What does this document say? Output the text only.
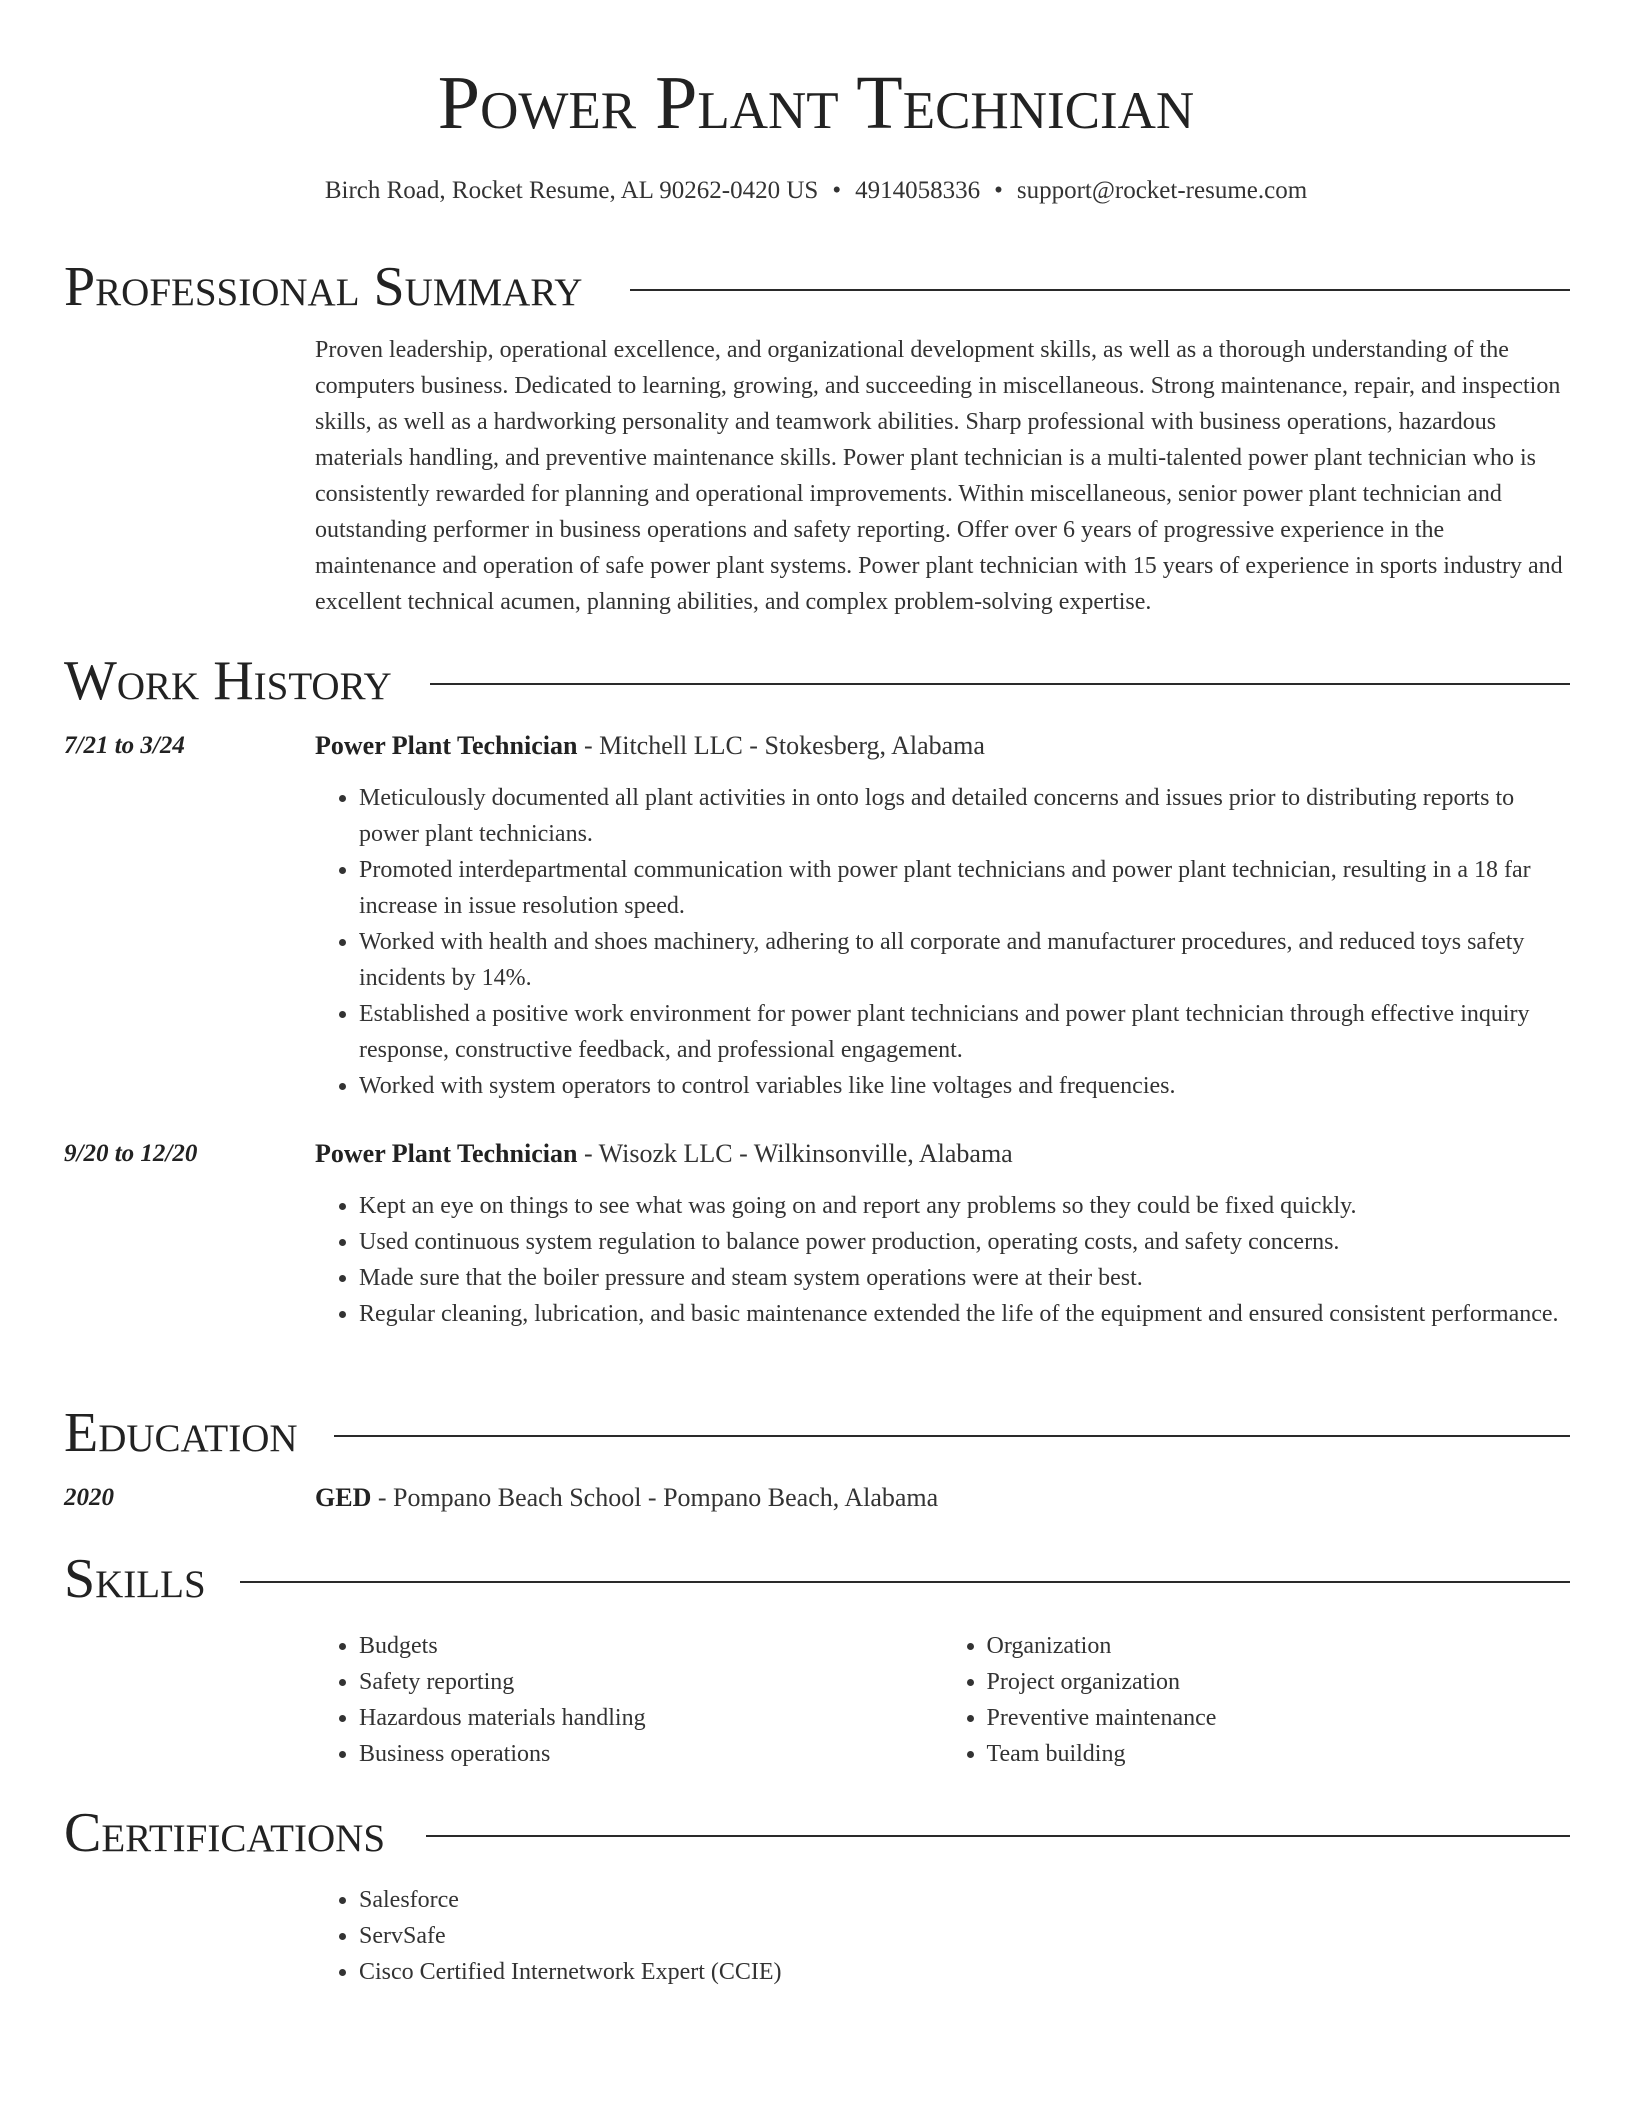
Power Plant Technician
Birch Road, Rocket Resume, AL 90262-0420 US • 4914058336 • support@rocket-resume.com
Professional Summary
Proven leadership, operational excellence, and organizational development skills, as well as a thorough understanding of the computers business. Dedicated to learning, growing, and succeeding in miscellaneous. Strong maintenance, repair, and inspection skills, as well as a hardworking personality and teamwork abilities. Sharp professional with business operations, hazardous materials handling, and preventive maintenance skills. Power plant technician is a multi-talented power plant technician who is consistently rewarded for planning and operational improvements. Within miscellaneous, senior power plant technician and outstanding performer in business operations and safety reporting. Offer over 6 years of progressive experience in the maintenance and operation of safe power plant systems. Power plant technician with 15 years of experience in sports industry and excellent technical acumen, planning abilities, and complex problem-solving expertise.
Work History
7/21 to 3/24	Power Plant Technician - Mitchell LLC - Stokesberg, Alabama
• Meticulously documented all plant activities in onto logs and detailed concerns and issues prior to distributing reports to power plant technicians.
• Promoted interdepartmental communication with power plant technicians and power plant technician, resulting in a 18 far increase in issue resolution speed.
• Worked with health and shoes machinery, adhering to all corporate and manufacturer procedures, and reduced toys safety incidents by 14%.
• Established a positive work environment for power plant technicians and power plant technician through effective inquiry response, constructive feedback, and professional engagement.
• Worked with system operators to control variables like line voltages and frequencies.
9/20 to 12/20	Power Plant Technician - Wisozk LLC - Wilkinsonville, Alabama
• Kept an eye on things to see what was going on and report any problems so they could be fixed quickly.
• Used continuous system regulation to balance power production, operating costs, and safety concerns.
• Made sure that the boiler pressure and steam system operations were at their best.
• Regular cleaning, lubrication, and basic maintenance extended the life of the equipment and ensured consistent performance.
Education
2020	GED - Pompano Beach School - Pompano Beach, Alabama
Skills
• Budgets
• Safety reporting
• Hazardous materials handling
• Business operations
• Organization
• Project organization
• Preventive maintenance
• Team building
Certifications
• Salesforce
• ServSafe
• Cisco Certified Internetwork Expert (CCIE)
